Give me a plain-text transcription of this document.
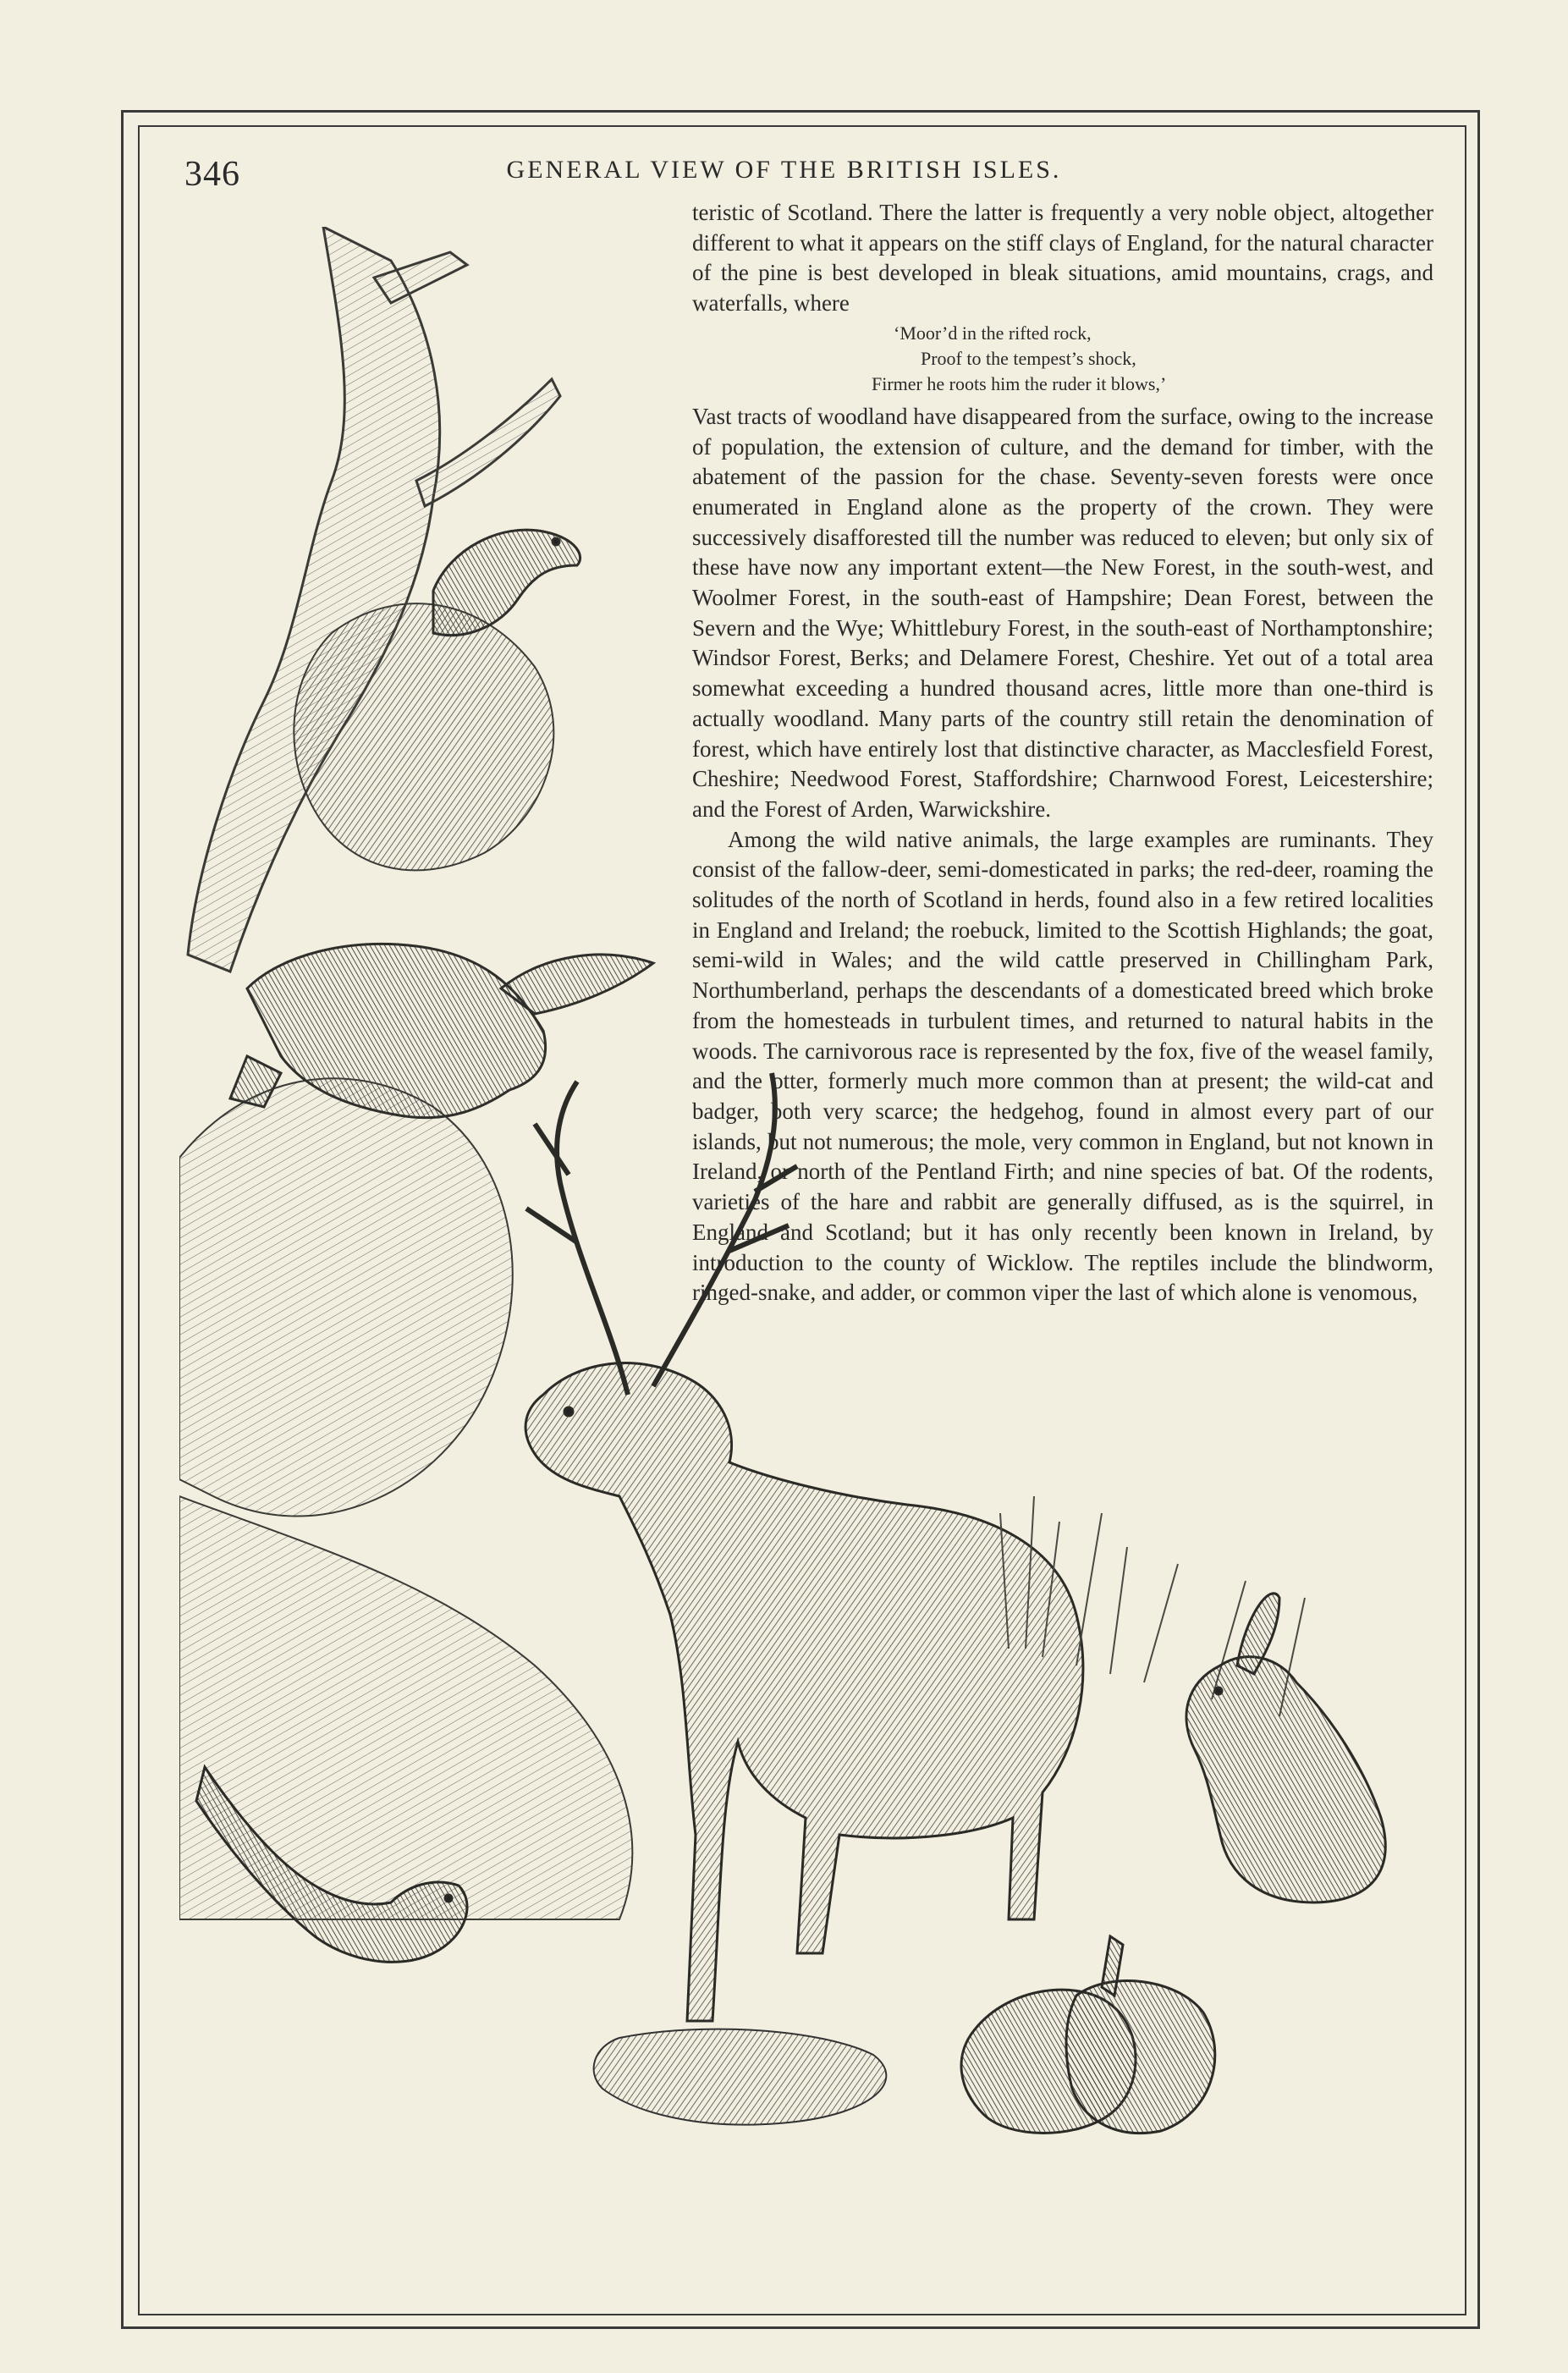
346	GENERAL VIEW OF THE BRITISH ISLES.

teristic of Scotland. There the latter is frequently a very noble object, altogether different to what it appears on the stiff clays of England, for the natural character of the pine is best developed in bleak situations, amid mountains, crags, and waterfalls, where

‘Moor’d in the rifted rock,
Proof to the tempest’s shock,
Firmer he roots him the ruder it blows,’

Vast tracts of woodland have disappeared from the surface, owing to the increase of population, the extension of culture, and the demand for timber, with the abatement of the passion for the chase. Seventy-seven forests were once enumerated in England alone as the property of the crown. They were successively disafforested till the number was reduced to eleven; but only six of these have now any important extent—the New Forest, in the south-west, and Woolmer Forest, in the south-east of Hampshire; Dean Forest, between the Severn and the Wye; Whittlebury Forest, in the south-east of Northamptonshire; Windsor Forest, Berks; and Delamere Forest, Cheshire. Yet out of a total area somewhat exceeding a hundred thousand acres, little more than one-third is actually woodland. Many parts of the country still retain the denomination of forest, which have entirely lost that distinctive character, as Macclesfield Forest, Cheshire; Needwood Forest, Staffordshire; Charnwood Forest, Leicestershire; and the Forest of Arden, Warwickshire.

Among the wild native animals, the large examples are ruminants. They consist of the fallow-deer, semi-domesticated in parks; the red-deer, roaming the solitudes of the north of Scotland in herds, found also in a few retired localities in England and Ireland; the roebuck, limited to the Scottish Highlands; the goat, semi-wild in Wales; and the wild cattle preserved in Chillingham Park, Northumberland, perhaps the descendants of a domesticated breed which broke from the homesteads in turbulent times, and returned to natural habits in the woods. The carnivorous race is represented by the fox, five of the weasel family, and the otter, formerly much more common than at present; the wild-cat and badger, both very scarce; the hedgehog, found in almost every part of our islands, but not numerous; the mole, very common in England, but not known in Ireland, or north of the Pentland Firth; and nine species of bat. Of the rodents, varieties of the hare and rabbit are generally diffused, as is the squirrel, in England and Scotland; but it has only recently been known in Ireland, by introduction to the county of Wicklow. The reptiles include the blindworm, ringed-snake, and adder, or common viper the last of which alone is venomous,
